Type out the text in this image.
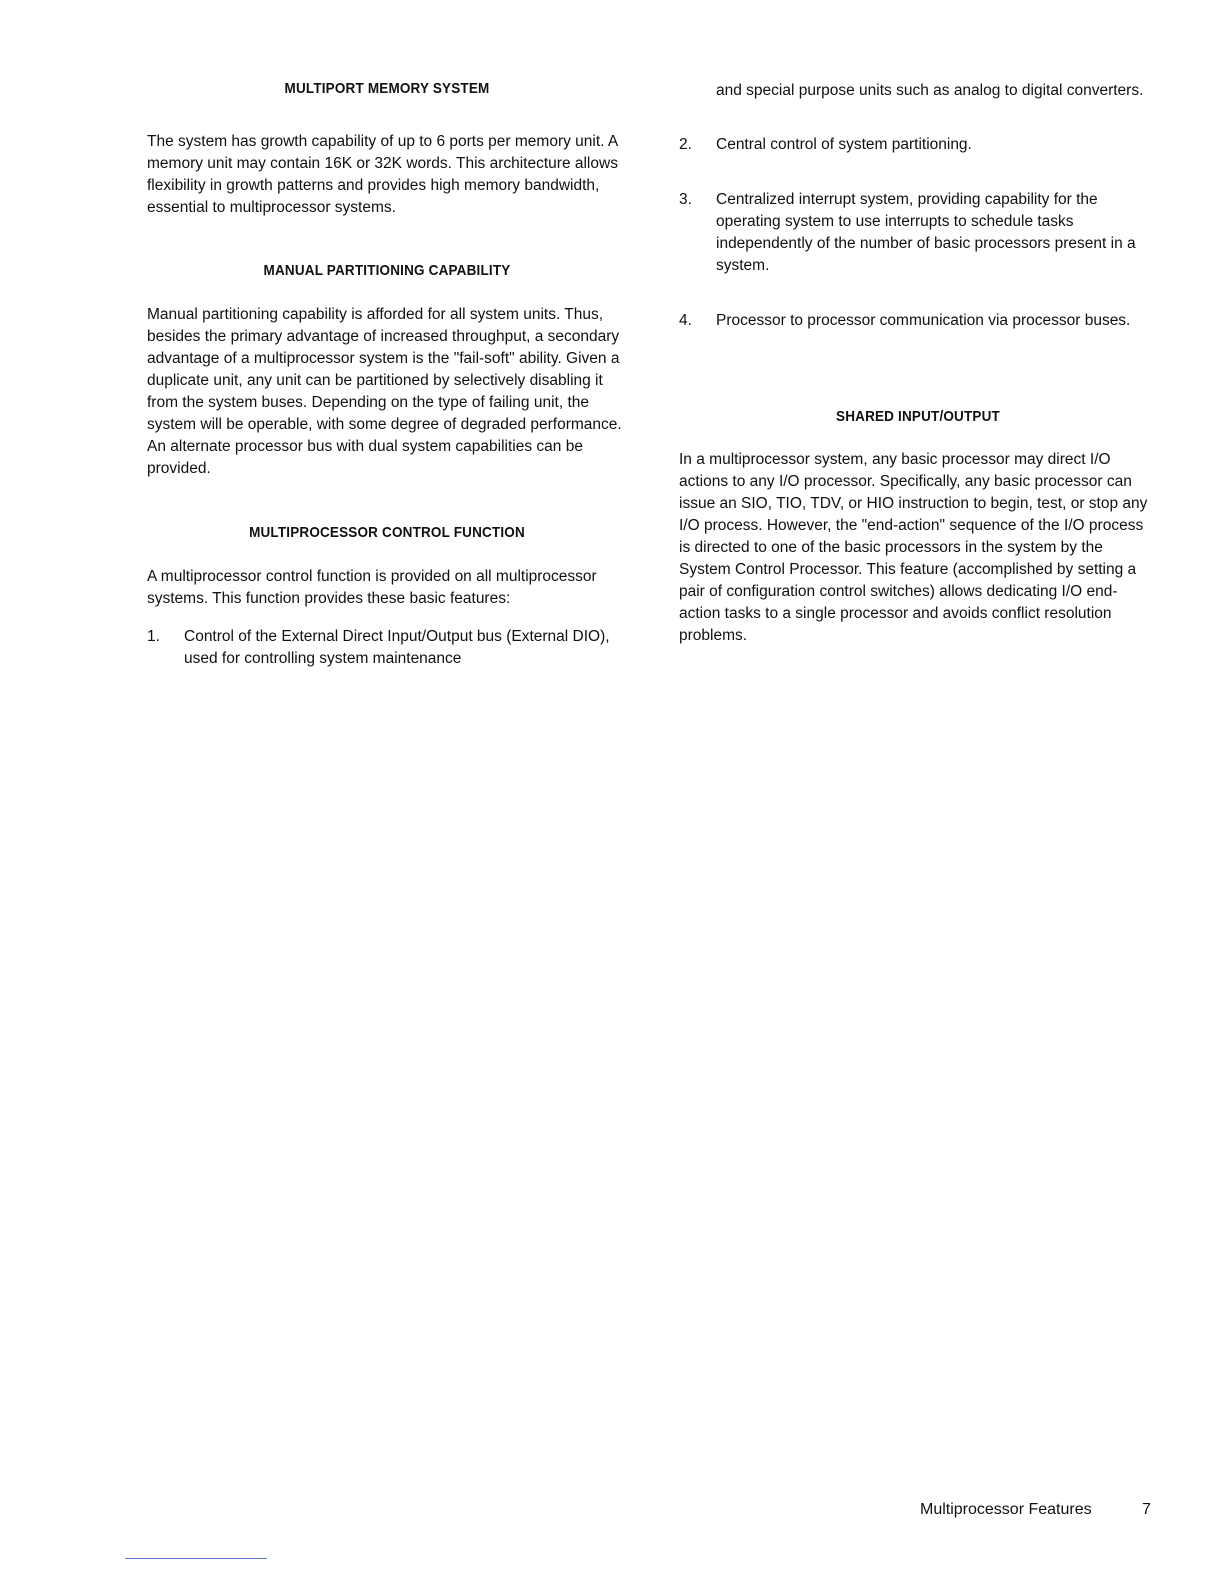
MULTIPORT MEMORY SYSTEM

The system has growth capability of up to 6 ports per memory unit. A memory unit may contain 16K or 32K words. This architecture allows flexibility in growth patterns and provides high memory bandwidth, essential to multiprocessor systems.

MANUAL PARTITIONING CAPABILITY

Manual partitioning capability is afforded for all system units. Thus, besides the primary advantage of increased throughput, a secondary advantage of a multiprocessor system is the "fail-soft" ability. Given a duplicate unit, any unit can be partitioned by selectively disabling it from the system buses. Depending on the type of failing unit, the system will be operable, with some degree of degraded performance. An alternate processor bus with dual system capabilities can be provided.

MULTIPROCESSOR CONTROL FUNCTION

A multiprocessor control function is provided on all multiprocessor systems. This function provides these basic features:

1. Control of the External Direct Input/Output bus (External DIO), used for controlling system maintenance
and special purpose units such as analog to digital converters.
2. Central control of system partitioning.
3. Centralized interrupt system, providing capability for the operating system to use interrupts to schedule tasks independently of the number of basic processors present in a system.
4. Processor to processor communication via processor buses.
SHARED INPUT/OUTPUT

In a multiprocessor system, any basic processor may direct I/O actions to any I/O processor. Specifically, any basic processor can issue an SIO, TIO, TDV, or HIO instruction to begin, test, or stop any I/O process. However, the "end-action" sequence of the I/O process is directed to one of the basic processors in the system by the System Control Processor. This feature (accomplished by setting a pair of configuration control switches) allows dedicating I/O end-action tasks to a single processor and avoids conflict resolution problems.

Multiprocessor Features	7
